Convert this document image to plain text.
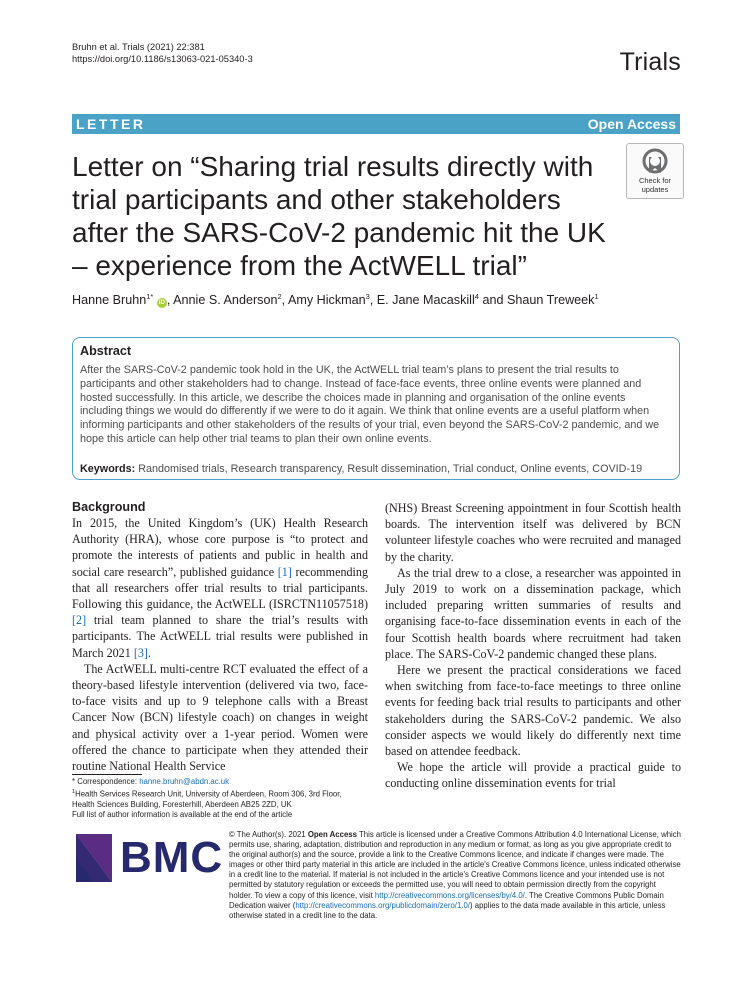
Bruhn et al. Trials (2021) 22:381
https://doi.org/10.1186/s13063-021-05340-3	Trials
LETTER	Open Access
Letter on “Sharing trial results directly with trial participants and other stakeholders after the SARS-CoV-2 pandemic hit the UK – experience from the ActWELL trial”
Check for
updates
Hanne Bruhn$^{1*}$ iD , Annie S. Anderson$^2$, Amy Hickman$^3$, E. Jane Macaskill$^4$ and Shaun Treweek$^1$
Abstract
After the SARS-CoV-2 pandemic took hold in the UK, the ActWELL trial team’s plans to present the trial results to participants and other stakeholders had to change. Instead of face-face events, three online events were planned and hosted successfully. In this article, we describe the choices made in planning and organisation of the online events including things we would do differently if we were to do it again. We think that online events are a useful platform when informing participants and other stakeholders of the results of your trial, even beyond the SARS-CoV-2 pandemic, and we hope this article can help other trial teams to plan their own online events.
Keywords: Randomised trials, Research transparency, Result dissemination, Trial conduct, Online events, COVID-19
Background

In 2015, the United Kingdom’s (UK) Health Research Authority (HRA), whose core purpose is “to protect and promote the interests of patients and public in health and social care research”, published guidance [1] recommending that all researchers offer trial results to trial participants. Following this guidance, the ActWELL (ISRCTN11057518) [2] trial team planned to share the trial’s results with participants. The ActWELL trial results were published in March 2021 [3].

The ActWELL multi-centre RCT evaluated the effect of a theory-based lifestyle intervention (delivered via two, face-to-face visits and up to 9 telephone calls with a Breast Cancer Now (BCN) lifestyle coach) on changes in weight and physical activity over a 1-year period. Women were offered the chance to participate when they attended their routine National Health Service

(NHS) Breast Screening appointment in four Scottish health boards. The intervention itself was delivered by BCN volunteer lifestyle coaches who were recruited and managed by the charity.

As the trial drew to a close, a researcher was appointed in July 2019 to work on a dissemination package, which included preparing written summaries of results and organising face-to-face dissemination events in each of the four Scottish health boards where recruitment had taken place. The SARS-CoV-2 pandemic changed these plans.

Here we present the practical considerations we faced when switching from face-to-face meetings to three online events for feeding back trial results to participants and other stakeholders during the SARS-CoV-2 pandemic. We also consider aspects we would likely do differently next time based on attendee feedback.

We hope the article will provide a practical guide to conducting online dissemination events for trial

* Correspondence: hanne.bruhn@abdn.ac.uk
$^1$Health Services Research Unit, University of Aberdeen, Room 306, 3rd Floor,
Health Sciences Building, Foresterhill, Aberdeen AB25 2ZD, UK
Full list of author information is available at the end of the article
BMC © The Author(s). 2021 Open Access This article is licensed under a Creative Commons Attribution 4.0 International License, which permits use, sharing, adaptation, distribution and reproduction in any medium or format, as long as you give appropriate credit to the original author(s) and the source, provide a link to the Creative Commons licence, and indicate if changes were made. The images or other third party material in this article are included in the article's Creative Commons licence, unless indicated otherwise in a credit line to the material. If material is not included in the article's Creative Commons licence and your intended use is not permitted by statutory regulation or exceeds the permitted use, you will need to obtain permission directly from the copyright holder. To view a copy of this licence, visit http://creativecommons.org/licenses/by/4.0/. The Creative Commons Public Domain Dedication waiver (http://creativecommons.org/publicdomain/zero/1.0/) applies to the data made available in this article, unless otherwise stated in a credit line to the data.
